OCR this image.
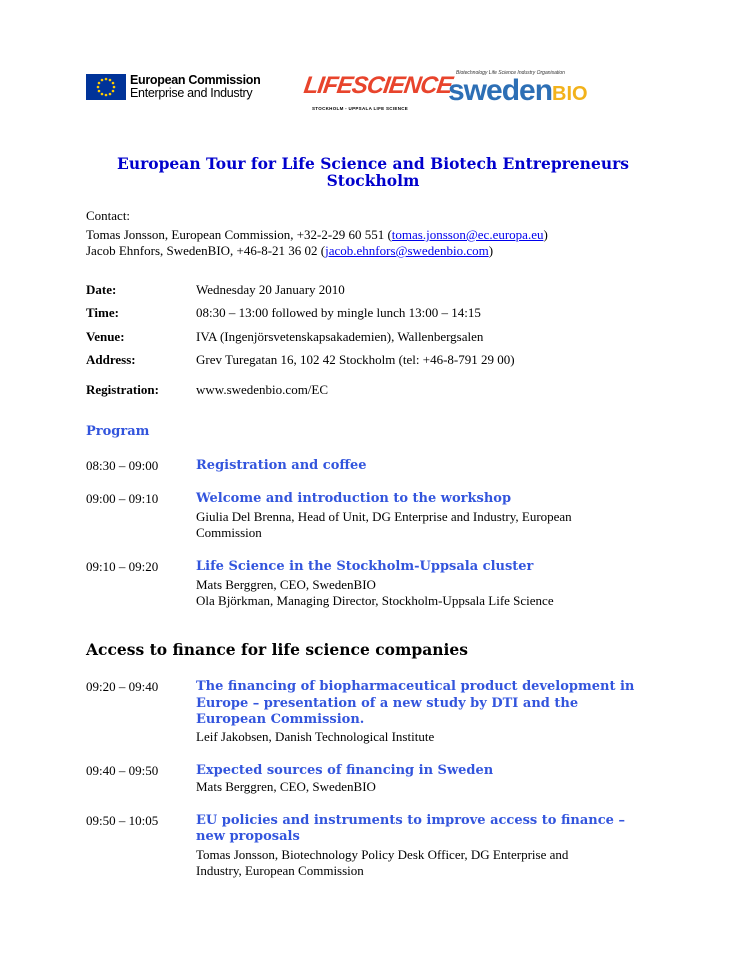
European Commission
Enterprise and Industry	LIFESCIENCE
STOCKHOLM - UPPSALA LIFE SCIENCE
Biotechnology Life Science Industry Organisation
swedenBIO
European Tour for Life Science and Biotech Entrepreneurs
Stockholm
Contact:
Tomas Jonsson, European Commission, +32-2-29 60 551 (tomas.jonsson@ec.europa.eu)
Jacob Ehnfors, SwedenBIO, +46-8-21 36 02 (jacob.ehnfors@swedenbio.com)
Date:	Wednesday 20 January 2010
Time:	08:30 – 13:00 followed by mingle lunch 13:00 – 14:15
Venue:	IVA (Ingenjörsvetenskapsakademien), Wallenbergsalen
Address:	Grev Turegatan 16, 102 42 Stockholm (tel: +46-8-791 29 00)
Registration:	www.swedenbio.com/EC
Program
08:30 – 09:00	Registration and coffee
09:00 – 09:10	Welcome and introduction to the workshop
Giulia Del Brenna, Head of Unit, DG Enterprise and Industry, European
Commission
09:10 – 09:20	Life Science in the Stockholm-Uppsala cluster
Mats Berggren, CEO, SwedenBIO
Ola Björkman, Managing Director, Stockholm-Uppsala Life Science
Access to finance for life science companies
09:20 – 09:40	The financing of biopharmaceutical product development in
Europe – presentation of a new study by DTI and the
European Commission.
Leif Jakobsen, Danish Technological Institute
09:40 – 09:50	Expected sources of financing in Sweden
Mats Berggren, CEO, SwedenBIO
09:50 – 10:05	EU policies and instruments to improve access to finance –
new proposals
Tomas Jonsson, Biotechnology Policy Desk Officer, DG Enterprise and
Industry, European Commission
